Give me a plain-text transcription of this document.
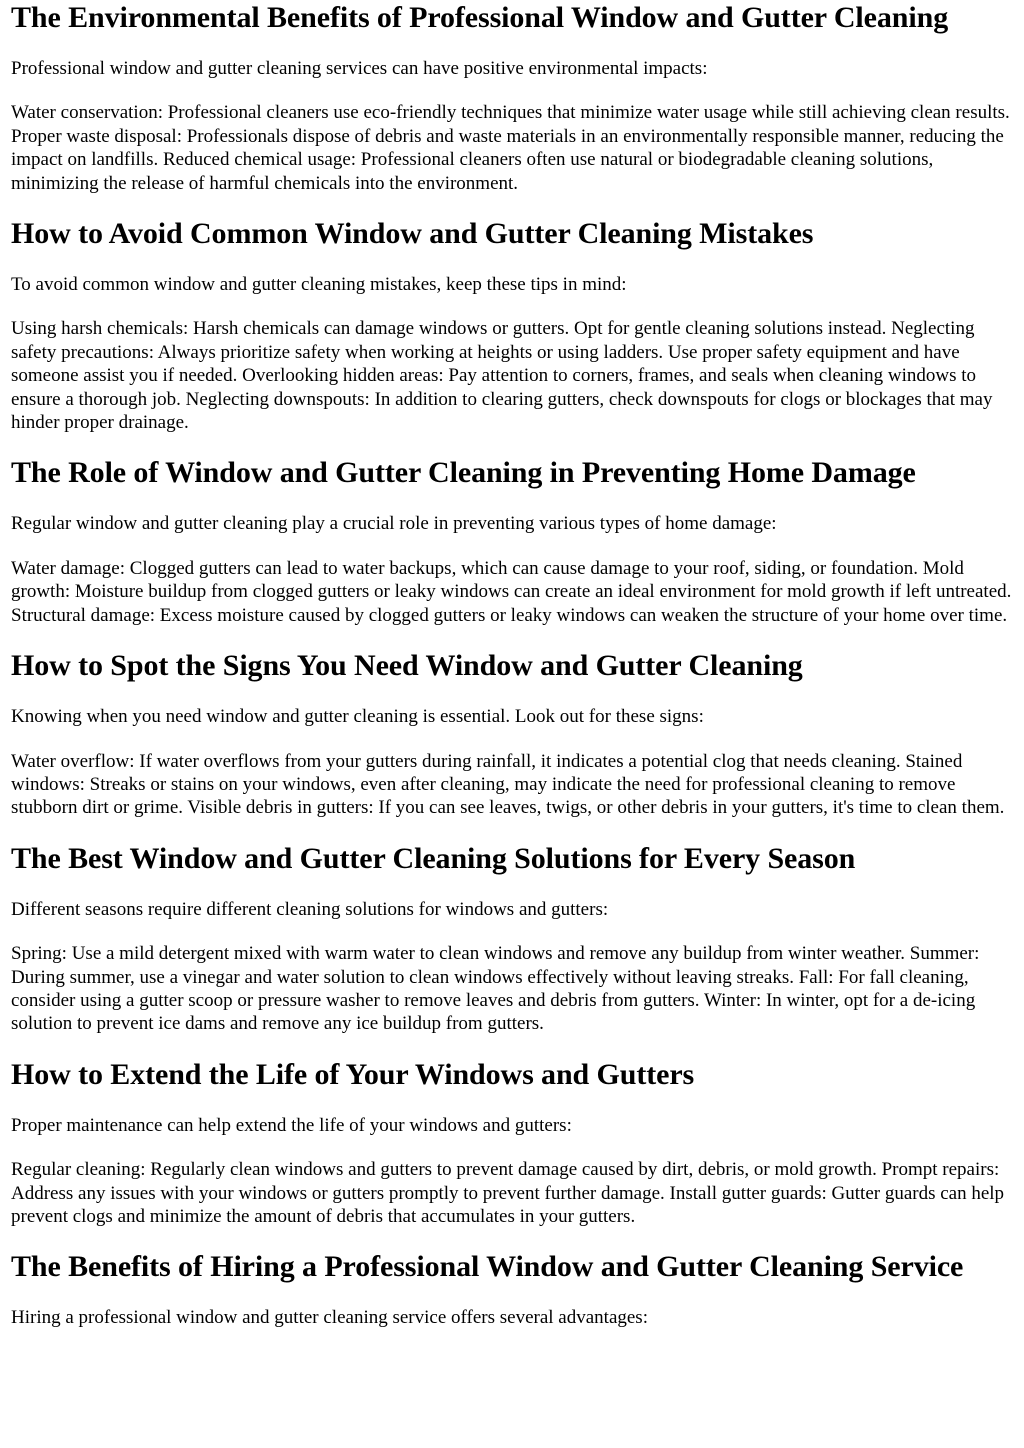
The Environmental Benefits of Professional Window and Gutter Cleaning

Professional window and gutter cleaning services can have positive environmental impacts:

Water conservation: Professional cleaners use eco-friendly techniques that minimize water usage while still achieving clean results. Proper waste disposal: Professionals dispose of debris and waste materials in an environmentally responsible manner, reducing the impact on landfills. Reduced chemical usage: Professional cleaners often use natural or biodegradable cleaning solutions, minimizing the release of harmful chemicals into the environment.

How to Avoid Common Window and Gutter Cleaning Mistakes

To avoid common window and gutter cleaning mistakes, keep these tips in mind:

Using harsh chemicals: Harsh chemicals can damage windows or gutters. Opt for gentle cleaning solutions instead. Neglecting safety precautions: Always prioritize safety when working at heights or using ladders. Use proper safety equipment and have someone assist you if needed. Overlooking hidden areas: Pay attention to corners, frames, and seals when cleaning windows to ensure a thorough job. Neglecting downspouts: In addition to clearing gutters, check downspouts for clogs or blockages that may hinder proper drainage.

The Role of Window and Gutter Cleaning in Preventing Home Damage

Regular window and gutter cleaning play a crucial role in preventing various types of home damage:

Water damage: Clogged gutters can lead to water backups, which can cause damage to your roof, siding, or foundation. Mold growth: Moisture buildup from clogged gutters or leaky windows can create an ideal environment for mold growth if left untreated. Structural damage: Excess moisture caused by clogged gutters or leaky windows can weaken the structure of your home over time.

How to Spot the Signs You Need Window and Gutter Cleaning

Knowing when you need window and gutter cleaning is essential. Look out for these signs:

Water overflow: If water overflows from your gutters during rainfall, it indicates a potential clog that needs cleaning. Stained windows: Streaks or stains on your windows, even after cleaning, may indicate the need for professional cleaning to remove stubborn dirt or grime. Visible debris in gutters: If you can see leaves, twigs, or other debris in your gutters, it's time to clean them.

The Best Window and Gutter Cleaning Solutions for Every Season

Different seasons require different cleaning solutions for windows and gutters:

Spring: Use a mild detergent mixed with warm water to clean windows and remove any buildup from winter weather. Summer: During summer, use a vinegar and water solution to clean windows effectively without leaving streaks. Fall: For fall cleaning, consider using a gutter scoop or pressure washer to remove leaves and debris from gutters. Winter: In winter, opt for a de-icing solution to prevent ice dams and remove any ice buildup from gutters.

How to Extend the Life of Your Windows and Gutters

Proper maintenance can help extend the life of your windows and gutters:

Regular cleaning: Regularly clean windows and gutters to prevent damage caused by dirt, debris, or mold growth. Prompt repairs: Address any issues with your windows or gutters promptly to prevent further damage. Install gutter guards: Gutter guards can help prevent clogs and minimize the amount of debris that accumulates in your gutters.

The Benefits of Hiring a Professional Window and Gutter Cleaning Service

Hiring a professional window and gutter cleaning service offers several advantages:
